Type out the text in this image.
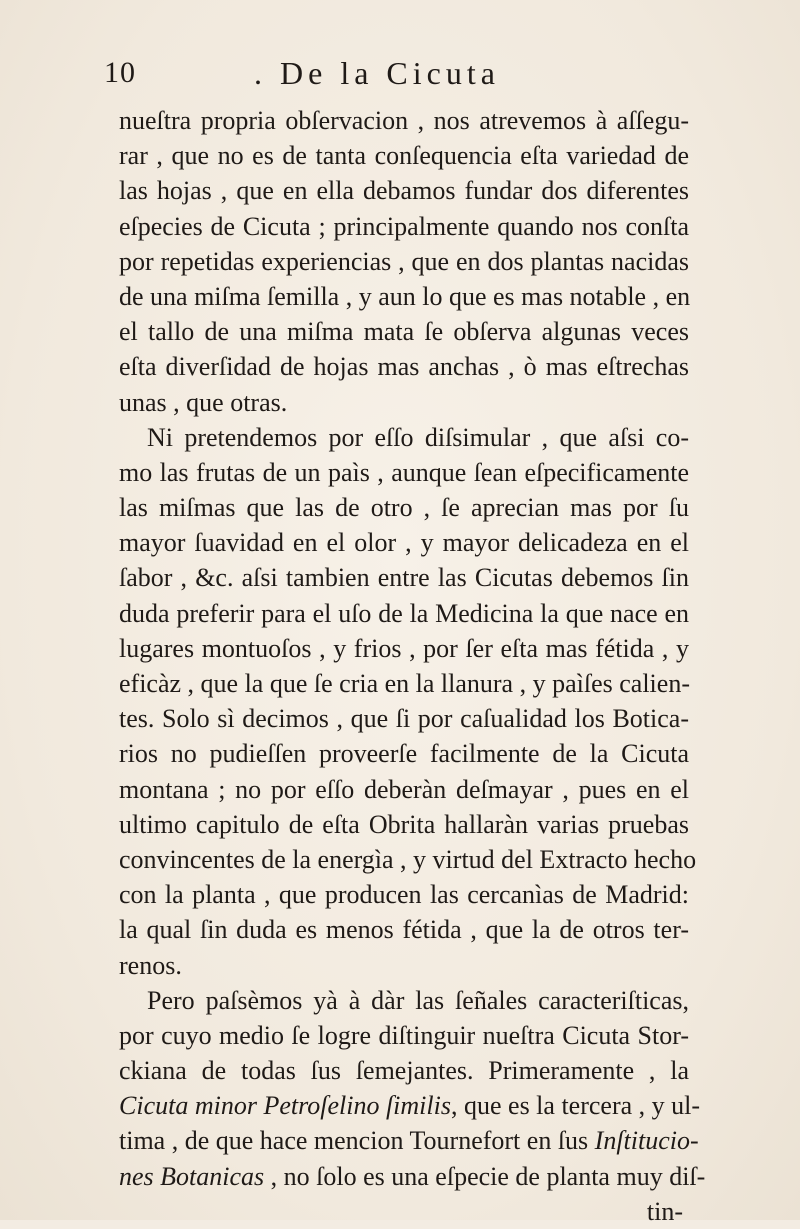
10	. De la Cicuta
nueſtra propria obſervacion , nos atrevemos à aſſegu-
rar , que no es de tanta conſequencia eſta variedad de
las hojas , que en ella debamos fundar dos diferentes
eſpecies de Cicuta ; principalmente quando nos conſta
por repetidas experiencias , que en dos plantas nacidas
de una miſma ſemilla , y aun lo que es mas notable , en
el tallo de una miſma mata ſe obſerva algunas veces
eſta diverſidad de hojas mas anchas , ò mas eſtrechas
unas , que otras.
Ni pretendemos por eſſo diſsimular , que aſsi co-
mo las frutas de un paìs , aunque ſean eſpecificamente
las miſmas que las de otro , ſe aprecian mas por ſu
mayor ſuavidad en el olor , y mayor delicadeza en el
ſabor , &c. aſsi tambien entre las Cicutas debemos ſin
duda preferir para el uſo de la Medicina la que nace en
lugares montuoſos , y frios , por ſer eſta mas fétida , y
eficàz , que la que ſe cria en la llanura , y paìſes calien-
tes. Solo sì decimos , que ſi por caſualidad los Botica-
rios no pudieſſen proveerſe facilmente de la Cicuta
montana ; no por eſſo deberàn deſmayar , pues en el
ultimo capitulo de eſta Obrita hallaràn varias pruebas
convincentes de la energìa , y virtud del Extracto hecho
con la planta , que producen las cercanìas de Madrid:
la qual ſin duda es menos fétida , que la de otros ter-
renos.
Pero paſsèmos yà à dàr las ſeñales caracteriſticas,
por cuyo medio ſe logre diſtinguir nueſtra Cicuta Stor-
ckiana de todas ſus ſemejantes. Primeramente , la
Cicuta minor Petroſelino ſimilis, que es la tercera , y ul-
tima , de que hace mencion Tournefort en ſus Inſtitucio-
nes Botanicas , no ſolo es una eſpecie de planta muy diſ-
tin-
